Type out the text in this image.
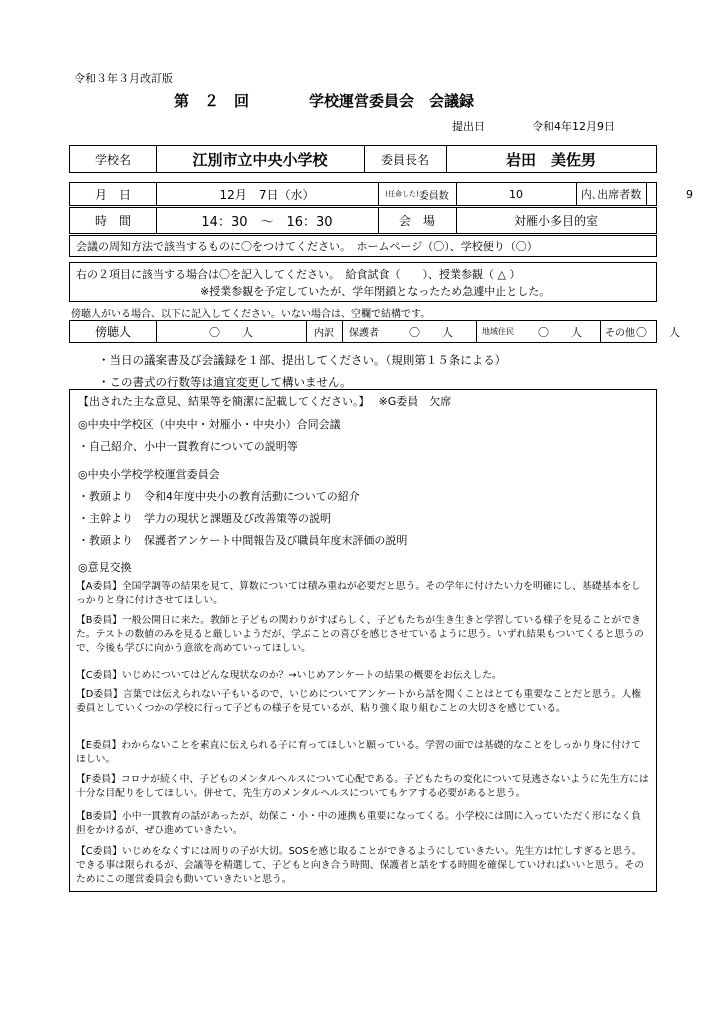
令和３年３月改訂版
第　２　回　　　　学校運営委員会　会議録
提出日	令和4年12月9日
学校名	江別市立中央小学校	委員長名	岩田　美佐男
月　日	12月　7日（水）	(任命した) 委員数	10	内､出席者数	9
時　間	14：30　～　16：30	会　場	対雁小多目的室
会議の周知方法で該当するものに〇をつけてください。　ホームページ（〇）、学校便り（〇）
右の２項目に該当する場合は〇を記入してください。　給食試食（　　）、授業参観（ △ ）
※授業参観を予定していたが、学年閉鎖となったため急遽中止とした。
傍聴人がいる場合、以下に記入してください。いない場合は、空欄で結構です。
傍聴人	〇　　人	内訳	保護者	〇　　人	地域住民	〇　　人	その他 〇　　人
・当日の議案書及び会議録を１部、提出してください。（規則第１５条による）
・この書式の行数等は適宜変更して構いません。
【出された主な意見、結果等を簡潔に記載してください。】　 ※G委員　欠席
◎中央中学校区（中央中・対雁小・中央小）合同会議
・自己紹介、小中一貫教育についての説明等
◎中央小学校学校運営委員会
・教頭より　令和4年度中央小の教育活動についての紹介
・主幹より　学力の現状と課題及び改善策等の説明
・教頭より　保護者アンケート中間報告及び職員年度末評価の説明
◎意見交換
【A委員】全国学調等の結果を見て、算数については積み重ねが必要だと思う。その学年に付けたい力を明確にし、基礎基本をしっかりと身に付けさせてほしい。
【B委員】一般公開日に来た。教師と子どもの関わりがすばらしく、子どもたちが生き生きと学習している様子を見ることができた。テストの数値のみを見ると厳しいようだが、学ぶことの喜びを感じさせているように思う。いずれ結果もついてくると思うので、今後も学びに向かう意欲を高めていってほしい。
【C委員】いじめについてはどんな現状なのか？→いじめアンケートの結果の概要をお伝えした。
【D委員】言葉では伝えられない子もいるので、いじめについてアンケートから話を聞くことはとても重要なことだと思う。人権委員としていくつかの学校に行って子どもの様子を見ているが、粘り強く取り組むことの大切さを感じている。
【E委員】わからないことを素直に伝えられる子に育ってほしいと願っている。学習の面では基礎的なことをしっかり身に付けてほしい。
【F委員】コロナが続く中、子どものメンタルヘルスについて心配である。子どもたちの変化について見逃さないように先生方には十分な目配りをしてほしい。併せて、先生方のメンタルヘルスについてもケアする必要があると思う。
【B委員】小中一貫教育の話があったが、幼保こ・小・中の連携も重要になってくる。小学校には間に入っていただく形になく負担をかけるが、ぜひ進めていきたい。
【C委員】いじめをなくすには周りの子が大切。SOSを感じ取ることができるようにしていきたい。先生方は忙しすぎると思う。できる事は限られるが、会議等を精選して、子どもと向き合う時間、保護者と話をする時間を確保していければいいと思う。そのためにこの運営委員会も動いていきたいと思う。
